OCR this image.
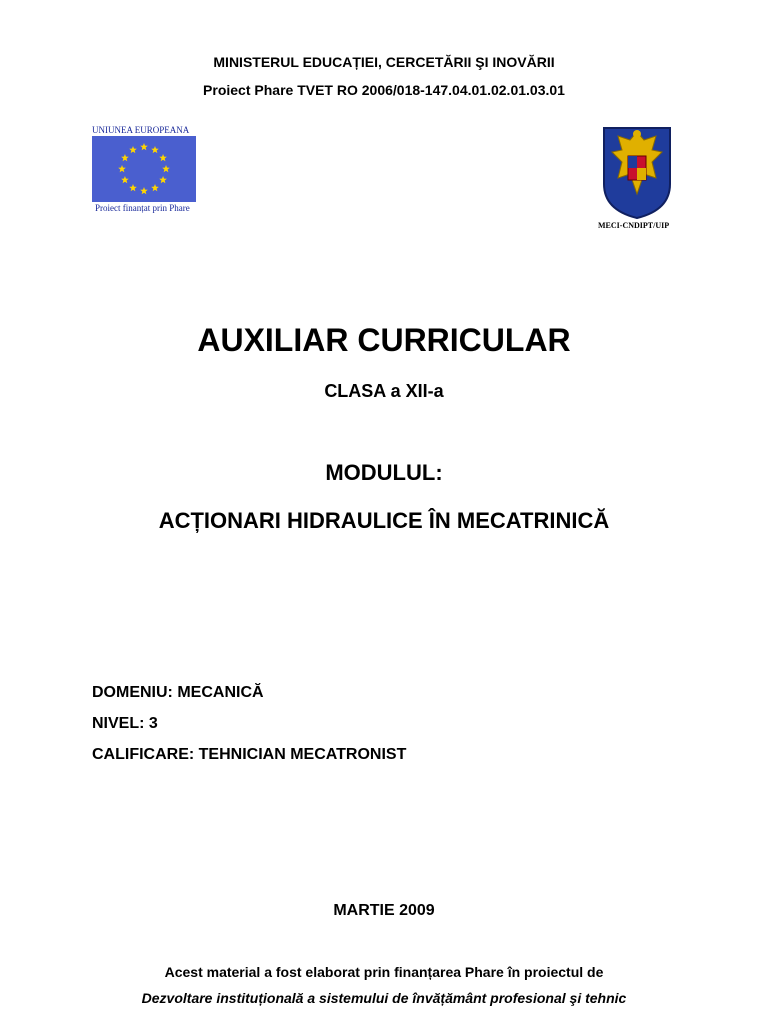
MINISTERUL EDUCAȚIEI, CERCETĂRII ŞI INOVĂRII
Proiect Phare TVET RO 2006/018-147.04.01.02.01.03.01
UNIUNEA EUROPEANA
Proiect finanțat prin Phare
MECI-CNDIPT/UIP
AUXILIAR CURRICULAR
CLASA a XII-a
MODULUL:
ACȚIONARI HIDRAULICE ÎN MECATRINICĂ
DOMENIU: MECANICĂ
NIVEL: 3
CALIFICARE: TEHNICIAN MECATRONIST
MARTIE 2009
Acest material a fost elaborat prin finanțarea Phare în proiectul de
Dezvoltare instituțională a sistemului de învățământ profesional şi tehnic
